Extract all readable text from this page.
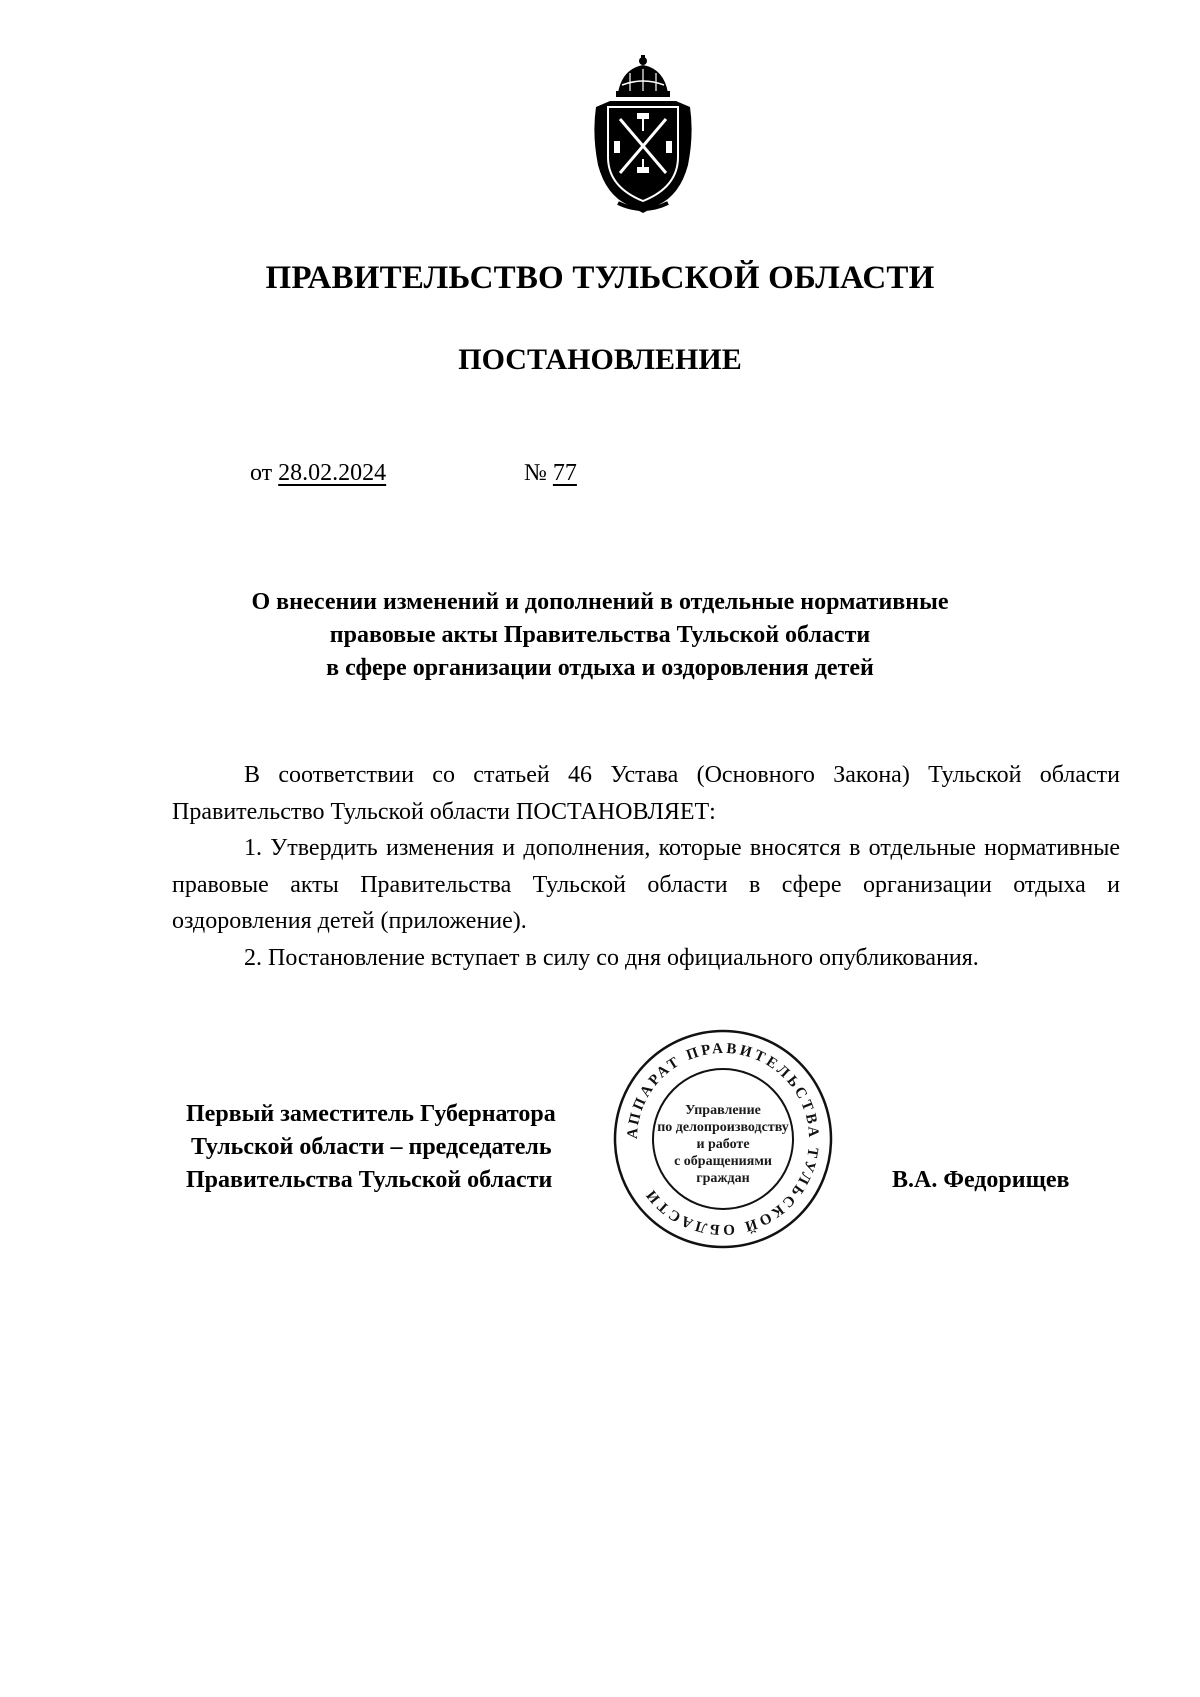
ПРАВИТЕЛЬСТВО ТУЛЬСКОЙ ОБЛАСТИ
ПОСТАНОВЛЕНИЕ
от 28.02.2024	№ 77
О внесении изменений и дополнений в отдельные нормативные
правовые акты Правительства Тульской области
в сфере организации отдыха и оздоровления детей

В соответствии со статьей 46 Устава (Основного Закона) Тульской области Правительство Тульской области ПОСТАНОВЛЯЕТ:

1. Утвердить изменения и дополнения, которые вносятся в отдельные нормативные правовые акты Правительства Тульской области в сфере организации отдыха и оздоровления детей (приложение).

2. Постановление вступает в силу со дня официального опубликования.

АППАРАТ ПРАВИТЕЛЬСТВА ТУЛЬСКОЙ ОБЛАСТИ
Управление
по делопроизводству
и работе
с обращениями
граждан
Первый заместитель Губернатора
Тульской области – председатель
Правительства Тульской области	В.А. Федорищев
